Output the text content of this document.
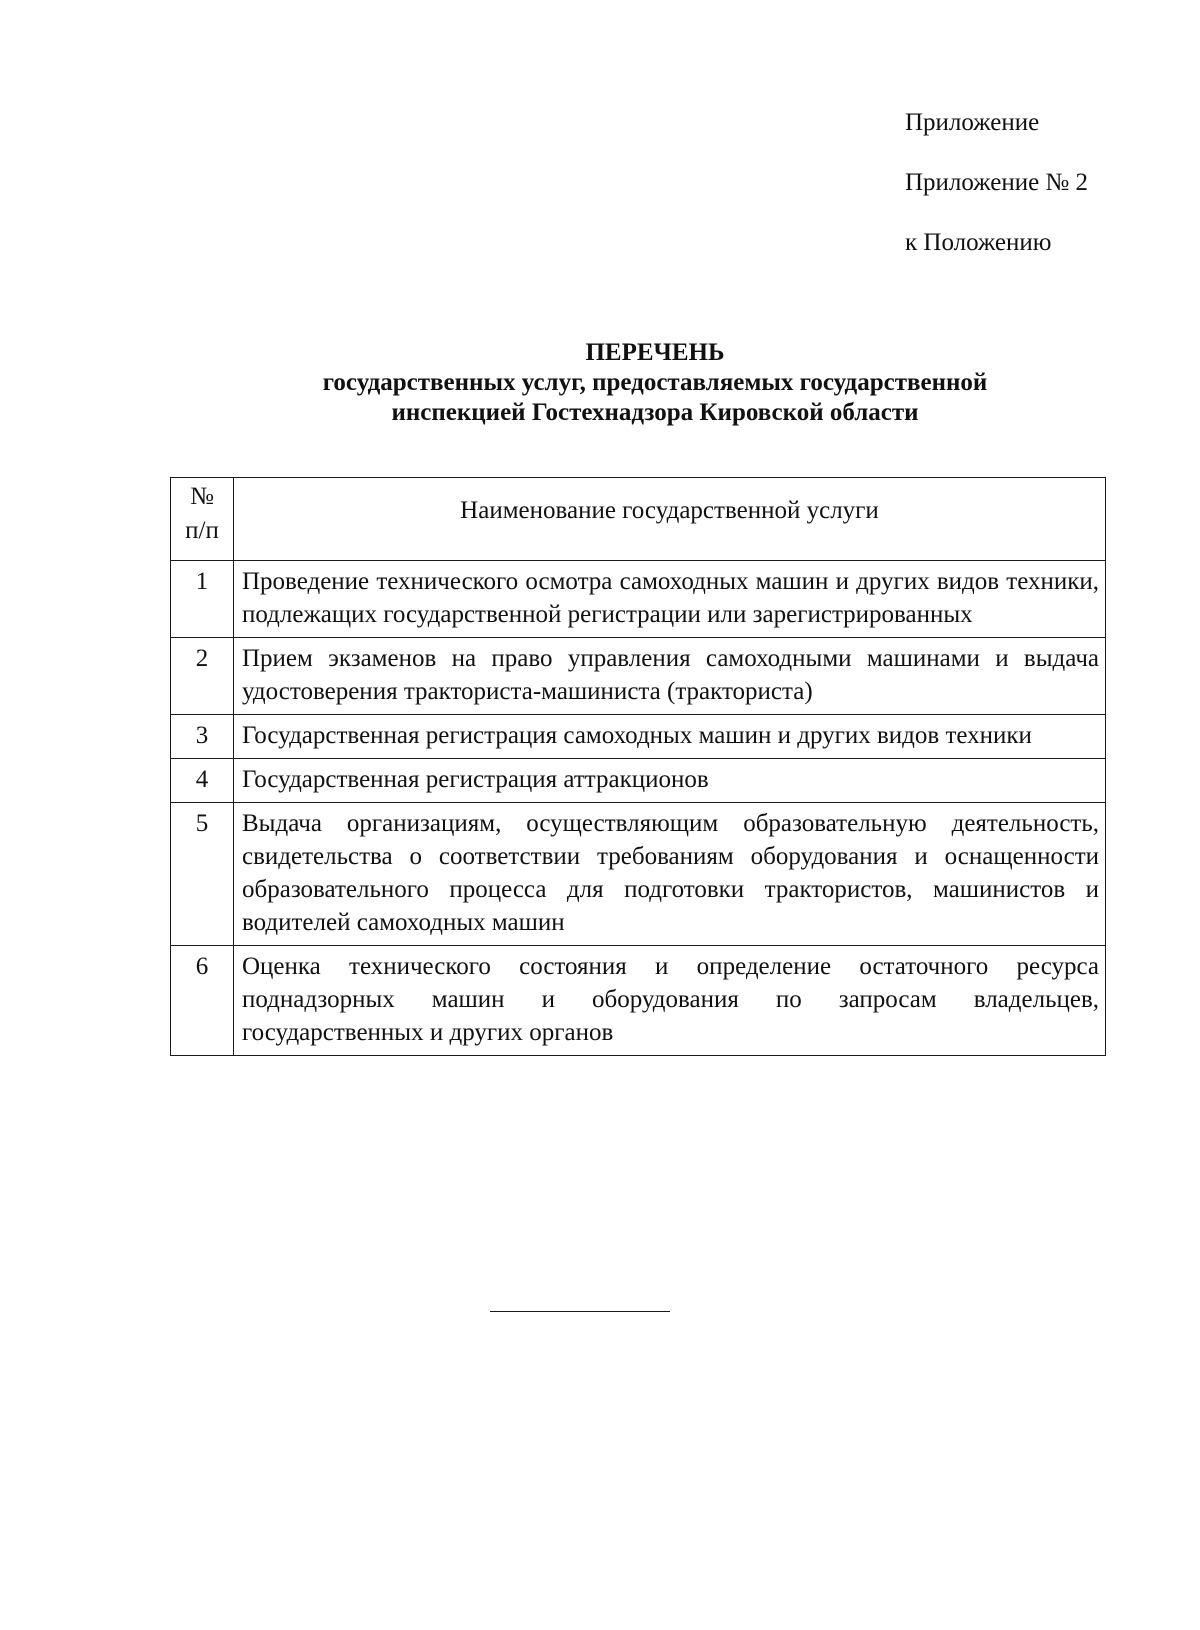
Приложение
Приложение № 2
к Положению
ПЕРЕЧЕНЬ
государственных услуг, предоставляемых государственной
инспекцией Гостехнадзора Кировской области
№
п/п	Наименование государственной услуги
1	Проведение технического осмотра самоходных машин и других видов техники, подлежащих государственной регистрации или зарегистрированных
2	Прием экзаменов на право управления самоходными машинами и выдача удостоверения тракториста-машиниста (тракториста)
3	Государственная регистрация самоходных машин и других видов техники
4	Государственная регистрация аттракционов
5	Выдача организациям, осуществляющим образовательную деятельность, свидетельства о соответствии требованиям оборудования и оснащенности образовательного процесса для подготовки трактористов, машинистов и водителей самоходных машин
6	Оценка технического состояния и определение остаточного ресурса поднадзорных машин и оборудования по запросам владельцев, государственных и других органов
